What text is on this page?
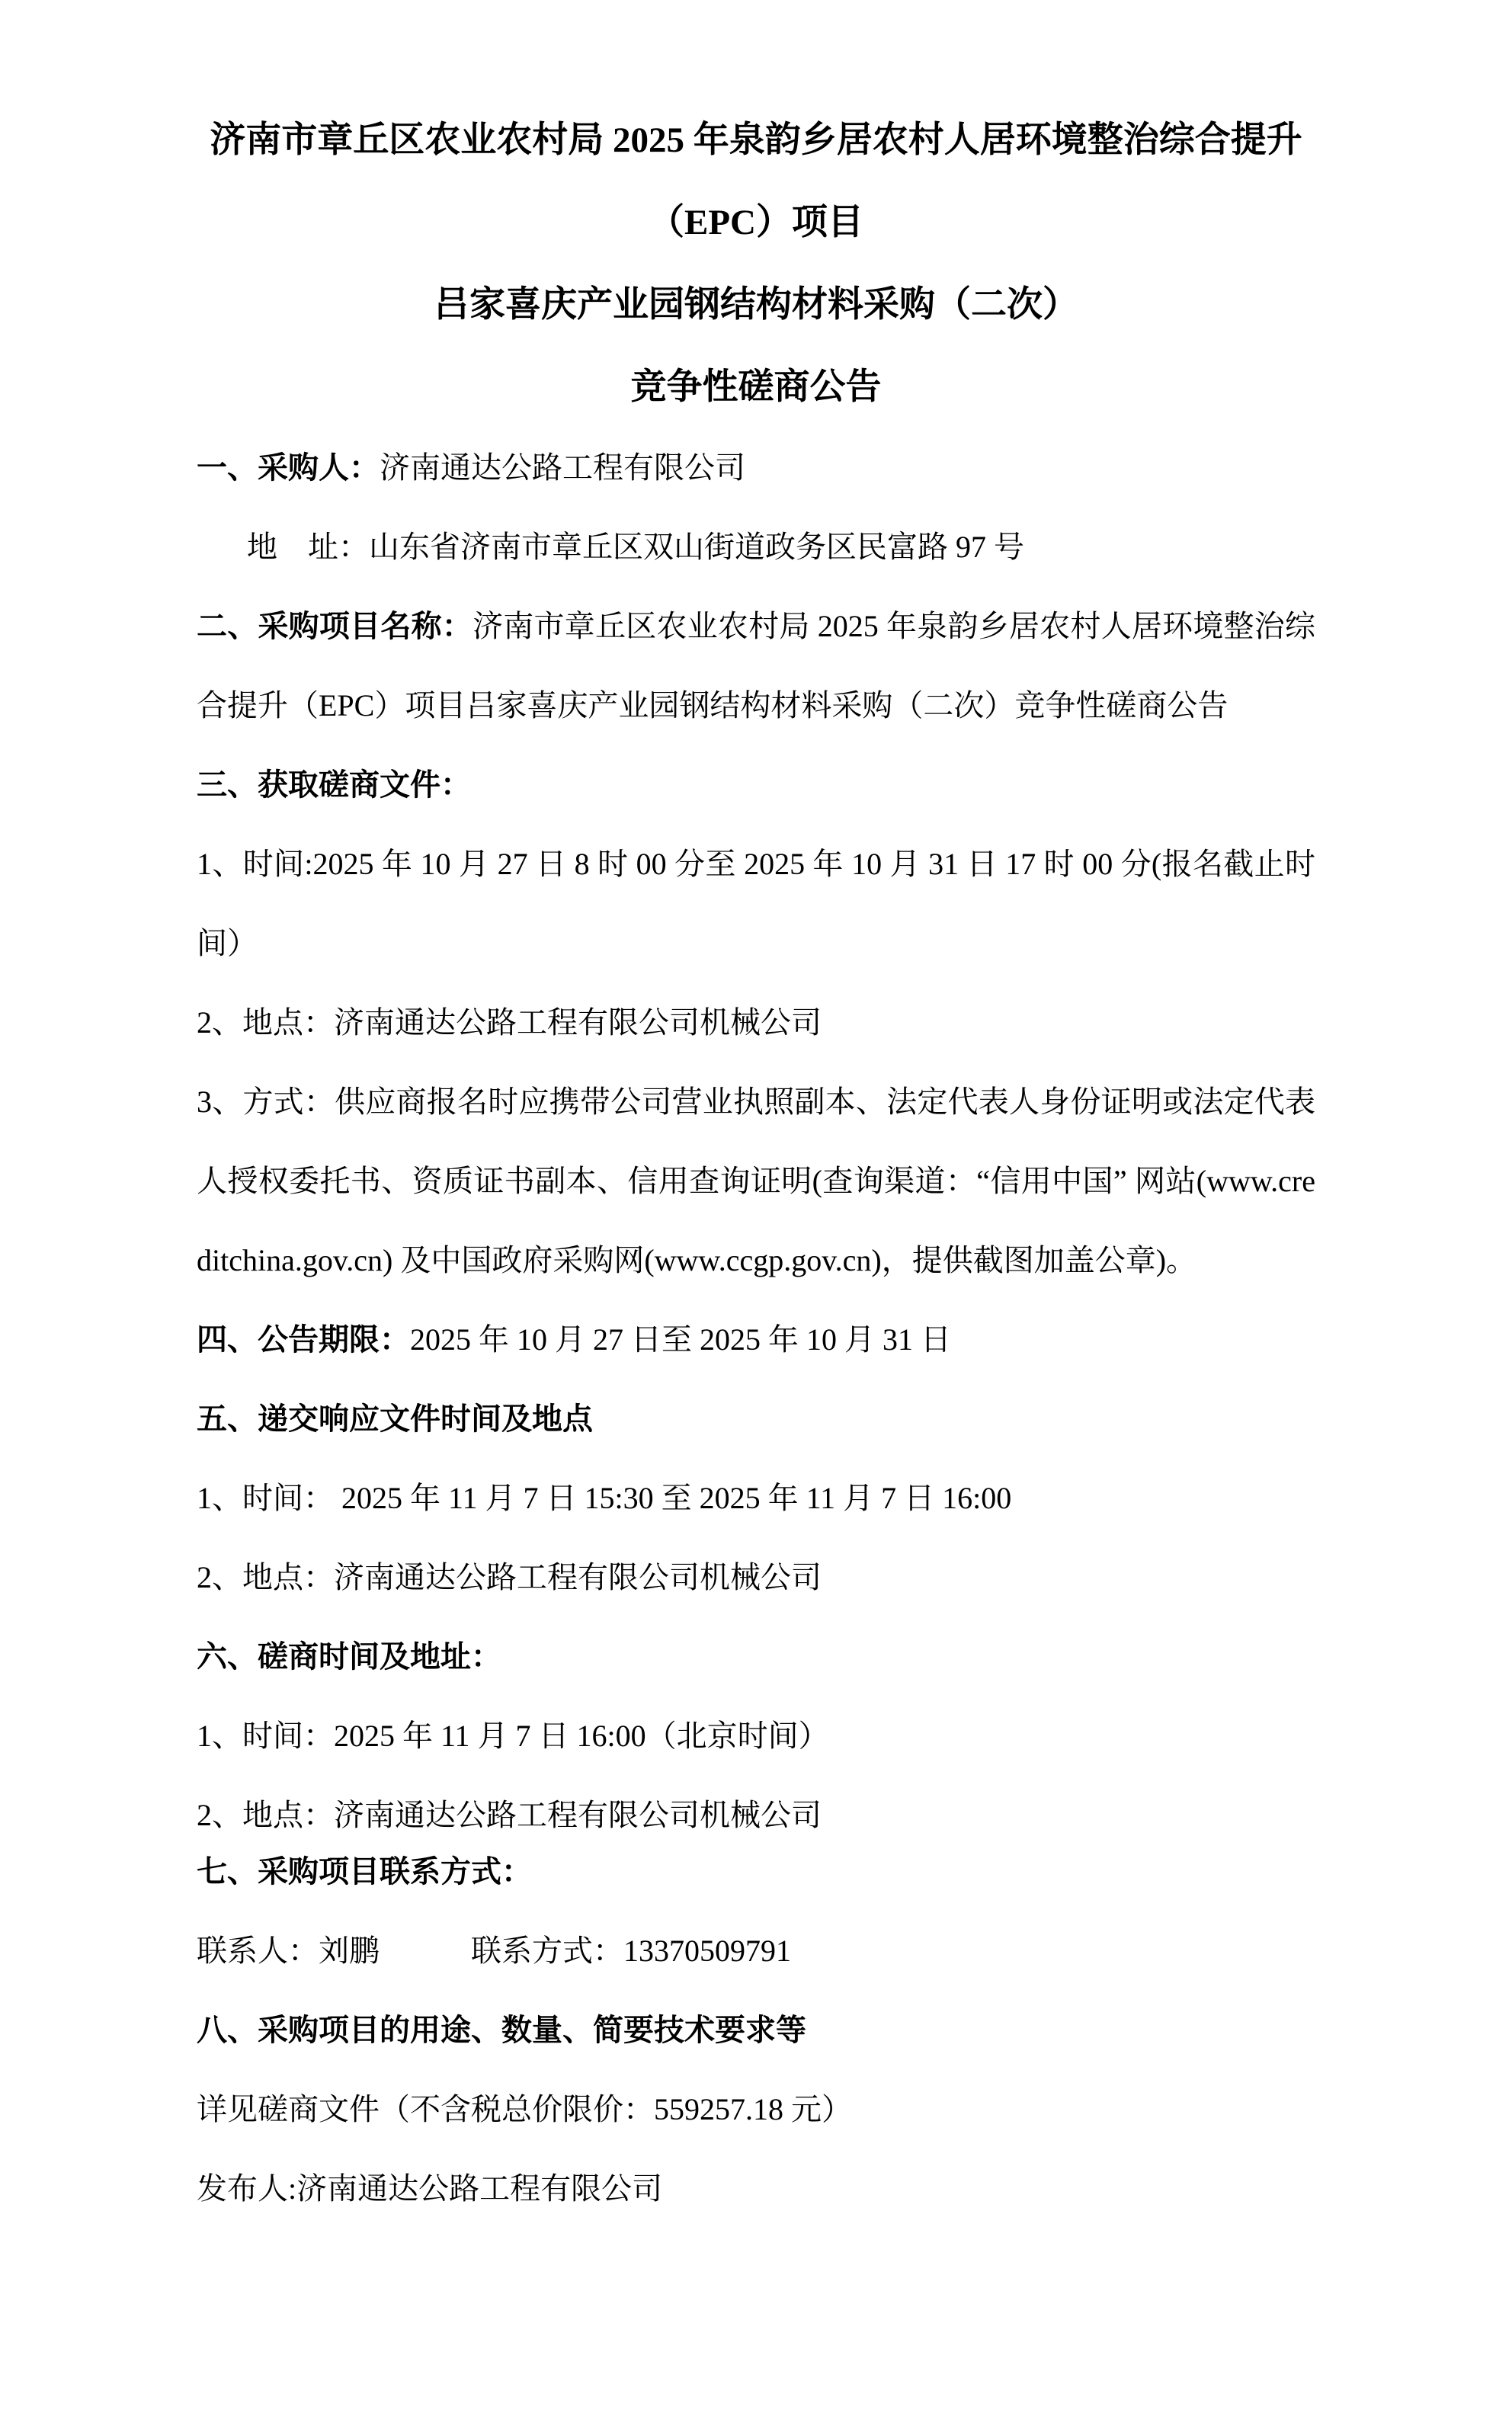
济南市章丘区农业农村局 2025 年泉韵乡居农村人居环境整治综合提升（EPC）项目
吕家喜庆产业园钢结构材料采购（二次）
竞争性磋商公告

一、采购人：济南通达公路工程有限公司

地　址：山东省济南市章丘区双山街道政务区民富路 97 号

二、采购项目名称：济南市章丘区农业农村局 2025 年泉韵乡居农村人居环境整治综合提升（EPC）项目吕家喜庆产业园钢结构材料采购（二次）竞争性磋商公告

三、获取磋商文件：

1、时间:2025 年 10 月 27 日 8 时 00 分至 2025 年 10 月 31 日 17 时 00 分(报名截止时间）

2、地点：济南通达公路工程有限公司机械公司

3、方式：供应商报名时应携带公司营业执照副本、法定代表人身份证明或法定代表人授权委托书、资质证书副本、信用查询证明(查询渠道：“信用中国” 网站(www.creditchina.gov.cn) 及中国政府采购网(www.ccgp.gov.cn)，提供截图加盖公章)。

四、公告期限：2025 年 10 月 27 日至 2025 年 10 月 31 日

五、递交响应文件时间及地点

1、时间： 2025 年 11 月 7 日 15:30 至 2025 年 11 月 7 日 16:00

2、地点：济南通达公路工程有限公司机械公司

六、磋商时间及地址：

1、时间：2025 年 11 月 7 日 16:00（北京时间）

2、地点：济南通达公路工程有限公司机械公司

七、采购项目联系方式：

联系人：刘鹏　　　联系方式：13370509791

八、采购项目的用途、数量、简要技术要求等

详见磋商文件（不含税总价限价：559257.18 元）

发布人:济南通达公路工程有限公司
